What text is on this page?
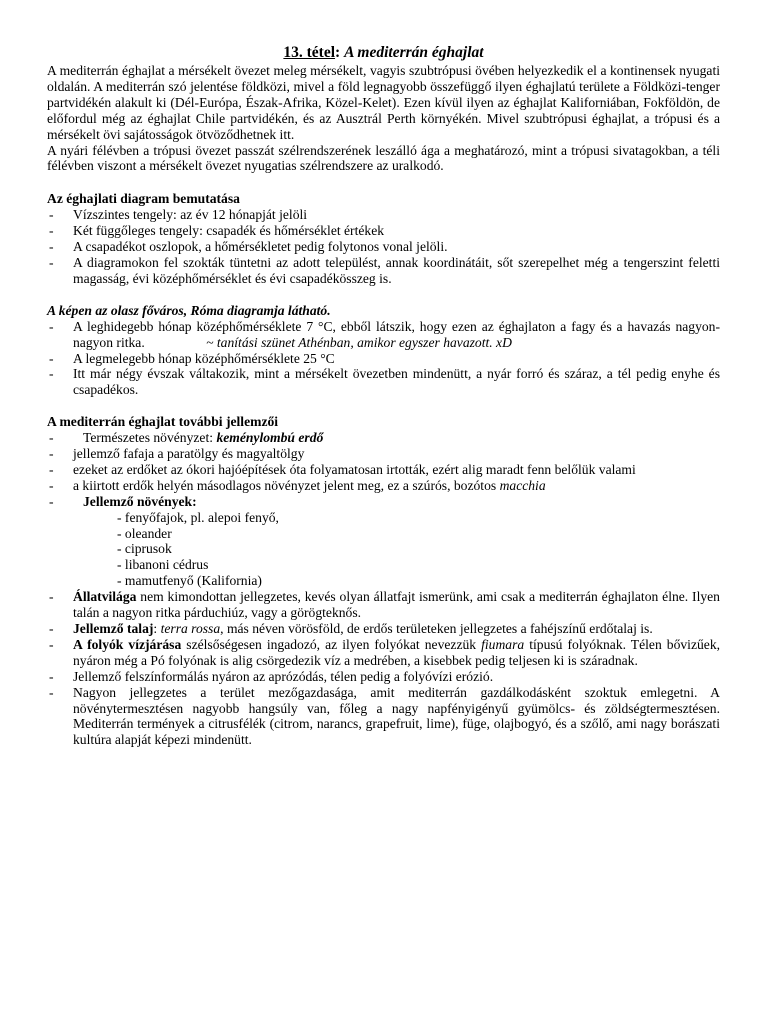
13. tétel: A mediterrán éghajlat

A mediterrán éghajlat a mérsékelt övezet meleg mérsékelt, vagyis szubtrópusi övében helyezkedik el a kontinensek nyugati oldalán. A mediterrán szó jelentése földközi, mivel a föld legnagyobb összefüggő ilyen éghajlatú területe a Földközi-tenger partvidékén alakult ki (Dél-Európa, Észak-Afrika, Közel-Kelet). Ezen kívül ilyen az éghajlat Kaliforniában, Fokföldön, de előfordul még az éghajlat Chile partvidékén, és az Ausztrál Perth környékén. Mivel szubtrópusi éghajlat, a trópusi és a mérsékelt övi sajátosságok ötvöződhetnek itt.

A nyári félévben a trópusi övezet passzát szélrendszerének leszálló ága a meghatározó, mint a trópusi sivatagokban, a téli félévben viszont a mérsékelt övezet nyugatias szélrendszere az uralkodó.

Az éghajlati diagram bemutatása

- Vízszintes tengely: az év 12 hónapját jelöli
- Két függőleges tengely: csapadék és hőmérséklet értékek
- A csapadékot oszlopok, a hőmérsékletet pedig folytonos vonal jelöli.
- A diagramokon fel szokták tüntetni az adott települést, annak koordinátáit, sőt szerepelhet még a tengerszint feletti magasság, évi középhőmérséklet és évi csapadékösszeg is.

A képen az olasz főváros, Róma diagramja látható.

- A leghidegebb hónap középhőmérséklete 7 °C, ebből látszik, hogy ezen az éghajlaton a fagy és a havazás nagyon-nagyon ritka.	~ tanítási szünet Athénban, amikor egyszer havazott. xD
- A legmelegebb hónap középhőmérséklete 25 °C
- Itt már négy évszak váltakozik, mint a mérsékelt övezetben mindenütt, a nyár forró és száraz, a tél pedig enyhe és csapadékos.

A mediterrán éghajlat további jellemzői

- Természetes növényzet: keménylombú erdő
- jellemző fafaja a paratölgy és magyaltölgy
- ezeket az erdőket az ókori hajóépítések óta folyamatosan irtották, ezért alig maradt fenn belőlük valami
- a kiirtott erdők helyén másodlagos növényzet jelent meg, ez a szúrós, bozótos macchia
- Jellemző növények:
- fenyőfajok, pl. alepoi fenyő,
- oleander
- ciprusok
- libanoni cédrus
- mamutfenyő (Kalifornia)
- Állatvilága nem kimondottan jellegzetes, kevés olyan állatfajt ismerünk, ami csak a mediterrán éghajlaton élne. Ilyen talán a nagyon ritka párduchiúz, vagy a görögteknős.
- Jellemző talaj: terra rossa, más néven vörösföld, de erdős területeken jellegzetes a fahéjszínű erdőtalaj is.
- A folyók vízjárása szélsőségesen ingadozó, az ilyen folyókat nevezzük fiumara típusú folyóknak. Télen bővizűek, nyáron még a Pó folyónak is alig csörgedezik víz a medrében, a kisebbek pedig teljesen ki is száradnak.
- Jellemző felszínformálás nyáron az aprózódás, télen pedig a folyóvízi erózió.
- Nagyon jellegzetes a terület mezőgazdasága, amit mediterrán gazdálkodásként szoktuk emlegetni. A növénytermesztésen nagyobb hangsúly van, főleg a nagy napfényigényű gyümölcs- és zöldségtermesztésen. Mediterrán termények a citrusfélék (citrom, narancs, grapefruit, lime), füge, olajbogyó, és a szőlő, ami nagy borászati kultúra alapját képezi mindenütt.
